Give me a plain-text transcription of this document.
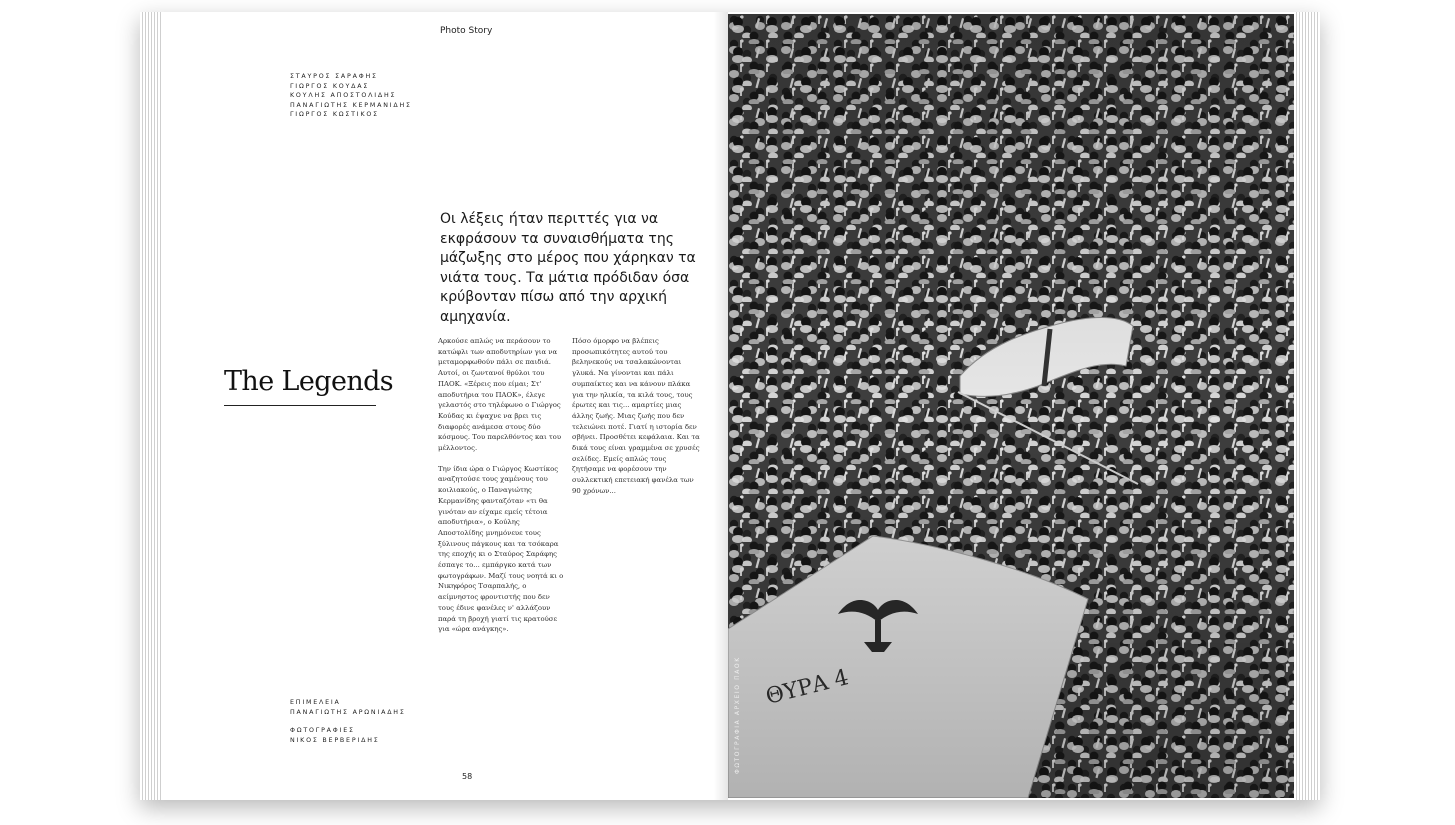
Photo Story
ΣΤΑΥΡΟΣ ΣΑΡΑΦΗΣ
ΓΙΩΡΓΟΣ ΚΟΥΔΑΣ
ΚΟΥΛΗΣ ΑΠΟΣΤΟΛΙΔΗΣ
ΠΑΝΑΓΙΩΤΗΣ ΚΕΡΜΑΝΙΔΗΣ
ΓΙΩΡΓΟΣ ΚΩΣΤΙΚΟΣ
The Legends

Οι λέξεις ήταν περιττές για να εκφράσουν τα συναισθήματα της μάζωξης στο μέρος που χάρηκαν τα νιάτα τους. Τα μάτια πρόδιδαν όσα κρύβονταν πίσω από την αρχική αμηχανία.

Αρκούσε απλώς να περάσουν το κατώφλι των αποδυτηρίων για να μεταμορφωθούν πάλι σε παιδιά. Αυτοί, οι ζωντανοί θρύλοι του ΠΑΟΚ. «Ξέρεις που είμαι; Στ' αποδυτήρια του ΠΑΟΚ», έλεγε γελαστός στο τηλέφωνο ο Γιώργος Κούδας κι έψαχνε να βρει τις διαφορές ανάμεσα στους δύο κόσμους. Του παρελθόντος και του μέλλοντος.

Την ίδια ώρα ο Γιώργος Κωστίκος αναζητούσε τους χαμένους του κοιλιακούς, ο Παναγιώτης Κερμανίδης φανταζόταν «τι θα γινόταν αν είχαμε εμείς τέτοια αποδυτήρια», ο Κούλης Αποστολίδης μνημόνευε τους ξύλινους πάγκους και τα τσόκαρα της εποχής κι ο Σταύρος Σαράφης έσπαγε το... εμπάργκο κατά των φωτογράφων. Μαζί τους νοητά κι ο Νικηφόρος Τσαρπαλής, ο αείμνηστος φροντιστής που δεν τους έδινε φανέλες ν' αλλάζουν παρά τη βροχή γιατί τις κρατούσε για «ώρα ανάγκης».

Πόσο όμορφο να βλέπεις προσωπικότητες αυτού του βεληνεκούς να τσαλακώνονται γλυκά. Να γίνονται και πάλι συμπαίκτες και να κάνουν πλάκα για την ηλικία, τα κιλά τους, τους έρωτες και τις... αμαρτίες μιας άλλης ζωής. Μιας ζωής που δεν τελειώνει ποτέ. Γιατί η ιστορία δεν σβήνει. Προσθέτει κεφάλαια. Και τα δικά τους είναι γραμμένα σε χρυσές σελίδες. Εμείς απλώς τους ζητήσαμε να φορέσουν την συλλεκτική επετειακή φανέλα των 90 χρόνων...

ΕΠΙΜΕΛΕΙΑ
ΠΑΝΑΓΙΩΤΗΣ ΑΡΩΝΙΑΔΗΣ
ΦΩΤΟΓΡΑΦΙΕΣ
ΝΙΚΟΣ ΒΕΡΒΕΡΙΔΗΣ
58
ΦΩΤΟΓΡΑΦΙΑ ΑΡΧΕΙΟ ΠΑΟΚ
